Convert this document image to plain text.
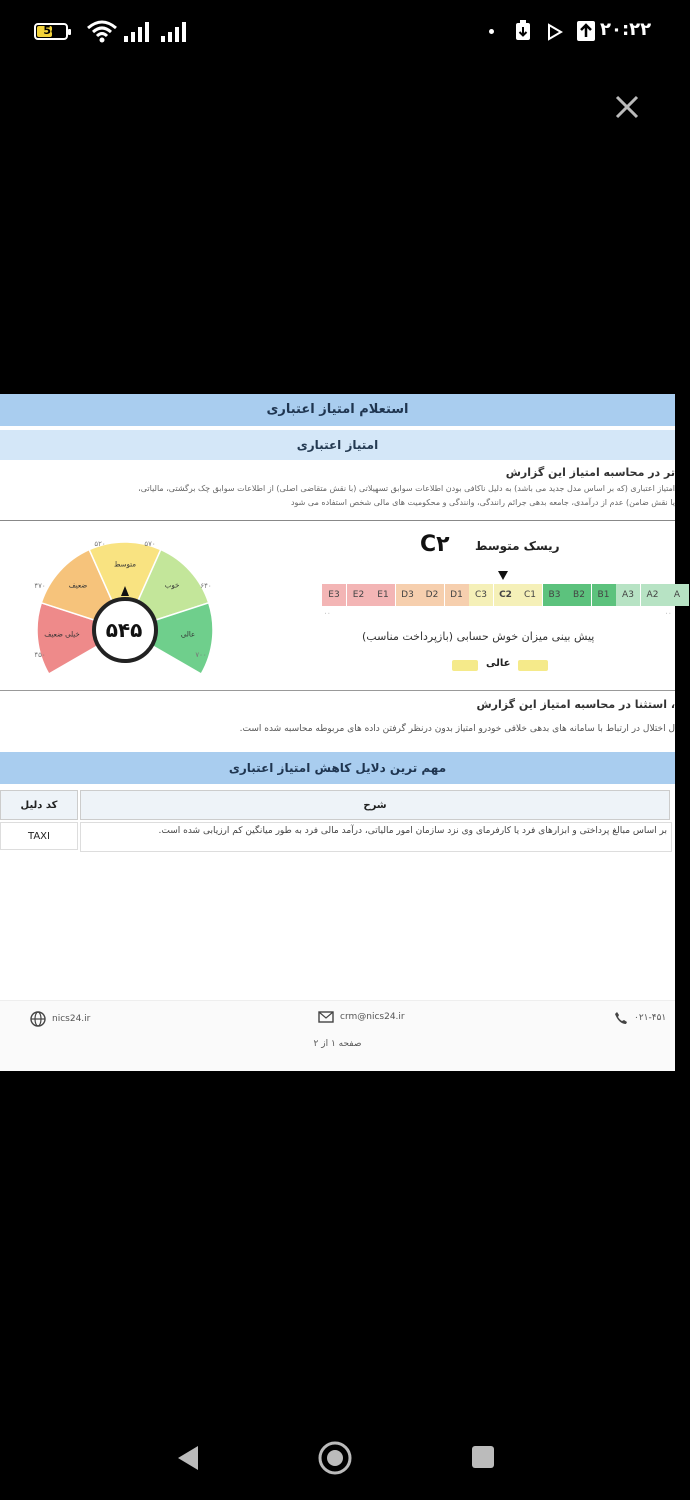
54	۲۰:۲۲
استعلام امتیاز اعتباری
امتیاز اعتباری
تر در محاسبه امتیاز این گزارش
امتیاز اعتباری (که بر اساس مدل جدید می باشد) به دلیل ناکافی بودن اطلاعات سوابق تسهیلاتی (با نقش متقاضی اصلی) از اطلاعات سوابق چک برگشتی، مالیاتی،
یا نقش ضامن) عدم از درآمدی، جامعه بدهی جرائم رانندگی، وانندگی و محکومیت های مالی شخص استفاده می شود
خیلی ضعیف
ضعیف
متوسط
خوب
عالی
۵۲۰	۵۷۰
۶۴۰
۴۷۰
۴۵۰	۷۰۰
۵۴۵
C۲ ریسک متوسط
E3	E2	E1	D3	D2	D1	C3	C2	C1	B3	B2	B1	A3	A2	A
۰۰	۰۰
پیش بینی میزان خوش حسابی (بازپرداخت مناسب)
عالی
، استثنا در محاسبه امتیاز این گزارش
ل اختلال در ارتباط با سامانه های بدهی خلافی خودرو امتیاز بدون درنظر گرفتن داده های مربوطه محاسبه شده است.
مهم ترین دلایل کاهش امتیاز اعتباری
کد دلیل	شرح
TAXI	بر اساس مبالغ پرداختی و ابزارهای فرد یا کارفرمای وی نزد سازمان امور مالیاتی، درآمد مالی فرد به طور میانگین کم ارزیابی شده است.
nics24.ir	crm@nics24.ir	۰۲۱-۴۵۱
صفحه ۱ از ۲
